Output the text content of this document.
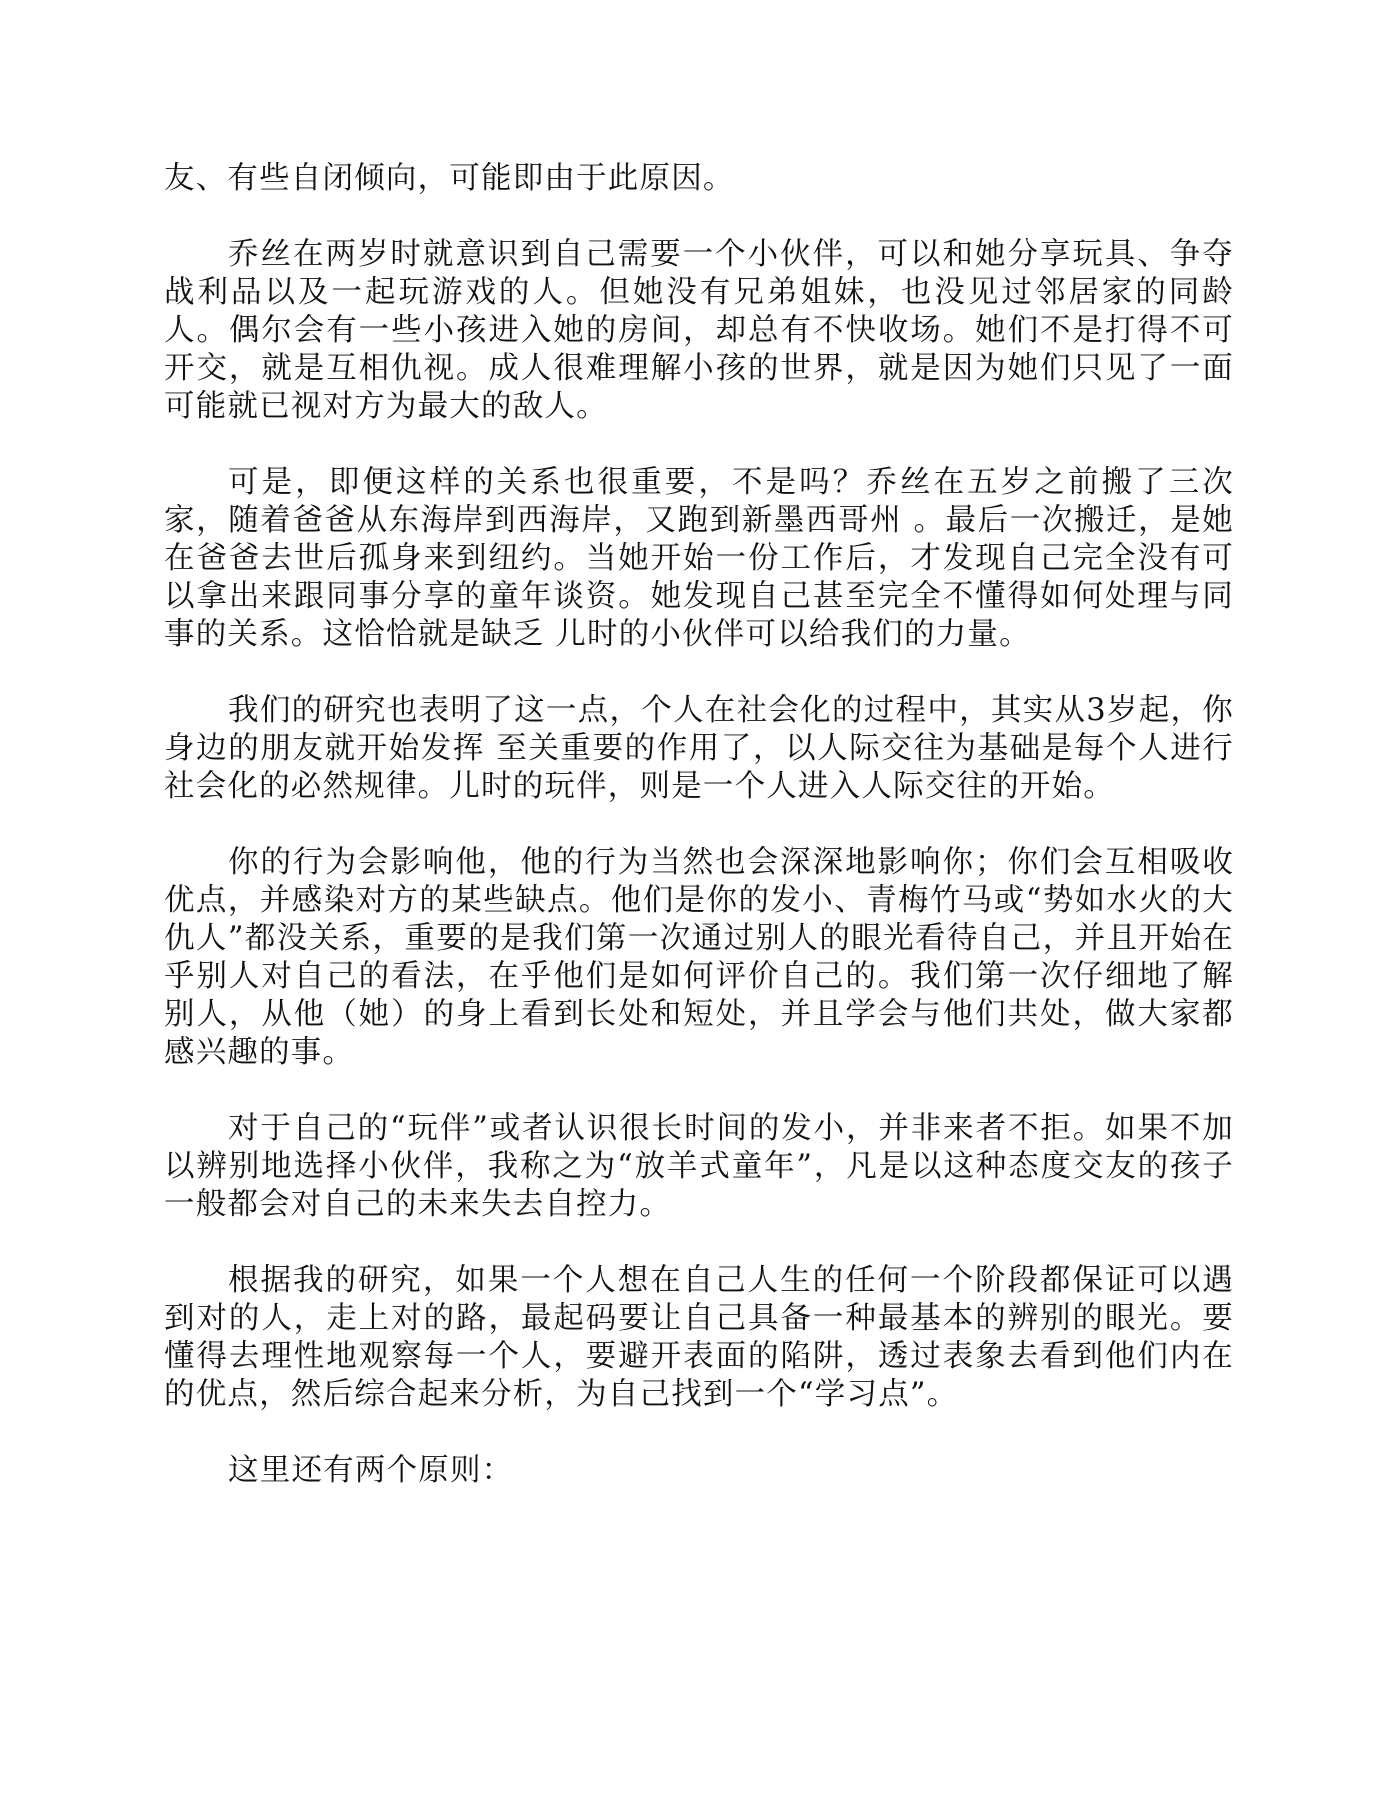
友、有些自闭倾向，可能即由于此原因。

乔丝在两岁时就意识到自己需要一个小伙伴，可以和她分享玩具、争夺战利品以及一起玩游戏的人。但她没有兄弟姐妹，也没见过邻居家的同龄人。偶尔会有一些小孩进入她的房间，却总有不快收场。她们不是打得不可开交，就是互相仇视。成人很难理解小孩的世界，就是因为她们只见了一面可能就已视对方为最大的敌人。

可是，即便这样的关系也很重要，不是吗？乔丝在五岁之前搬了三次家，随着爸爸从东海岸到西海岸，又跑到新墨西哥州 。最后一次搬迁，是她在爸爸去世后孤身来到纽约。当她开始一份工作后，才发现自己完全没有可以拿出来跟同事分享的童年谈资。她发现自己甚至完全不懂得如何处理与同事的关系。这恰恰就是缺乏 儿时的小伙伴可以给我们的力量。

我们的研究也表明了这一点，个人在社会化的过程中，其实从3岁起，你身边的朋友就开始发挥 至关重要的作用了，以人际交往为基础是每个人进行社会化的必然规律。儿时的玩伴，则是一个人进入人际交往的开始。

你的行为会影响他，他的行为当然也会深深地影响你；你们会互相吸收优点，并感染对方的某些缺点。他们是你的发小、青梅竹马或“势如水火的大仇人”都没关系，重要的是我们第一次通过别人的眼光看待自己，并且开始在乎别人对自己的看法，在乎他们是如何评价自己的。我们第一次仔细地了解别人，从他（她）的身上看到长处和短处，并且学会与他们共处，做大家都感兴趣的事。

对于自己的“玩伴”或者认识很长时间的发小，并非来者不拒。如果不加以辨别地选择小伙伴，我称之为“放羊式童年”，凡是以这种态度交友的孩子一般都会对自己的未来失去自控力。

根据我的研究，如果一个人想在自己人生的任何一个阶段都保证可以遇到对的人，走上对的路，最起码要让自己具备一种最基本的辨别的眼光。要懂得去理性地观察每一个人，要避开表面的陷阱，透过表象去看到他们内在的优点，然后综合起来分析，为自己找到一个“学习点”。

这里还有两个原则：
